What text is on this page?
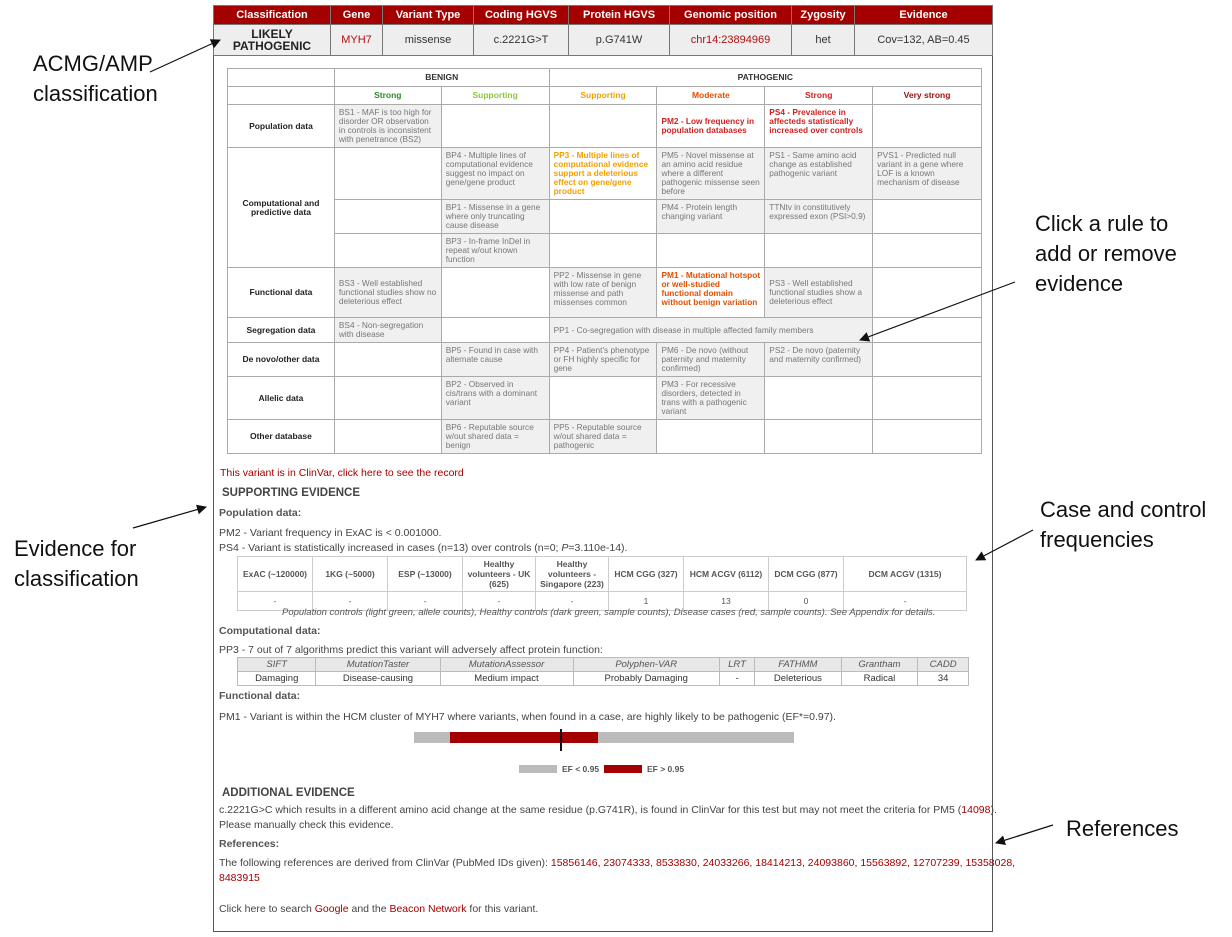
Classification	Gene	Variant Type	Coding HGVS	Protein HGVS	Genomic position	Zygosity	Evidence

LIKELY
PATHOGENIC	MYH7	missense	c.2221G>T	p.G741W	chr14:23894969	het	Cov=132, AB=0.45
	BENIGN		PATHOGENIC			
	Strong	Supporting	Supporting	Moderate	Strong	Very strong
Population data	BS1 - MAF is too high for disorder OR observation in controls is inconsistent with penetrance (BS2)			PM2 - Low frequency in population databases	PS4 - Prevalence in affecteds statistically increased over controls	
Computational and predictive data		BP4 - Multiple lines of computational evidence suggest no impact on gene/gene product	PP3 - Multiple lines of computational evidence support a deleterious effect on gene/gene product	PM5 - Novel missense at an amino acid residue where a different pathogenic missense seen before	PS1 - Same amino acid change as established pathogenic variant	PVS1 - Predicted null variant in a gene where LOF is a known mechanism of disease
		BP1 - Missense in a gene where only truncating cause disease		PM4 - Protein length changing variant	TTNtv in constitutively expressed exon (PSI>0.9)	
		BP3 - In-frame InDel in repeat w/out known function				
Functional data	BS3 - Well established functional studies show no deleterious effect		PP2 - Missense in gene with low rate of benign missense and path missenses common	PM1 - Mutational hotspot or well-studied functional domain without benign variation	PS3 - Well established functional studies show a deleterious effect	
Segregation data	BS4 - Non-segregation with disease		PP1 - Co-segregation with disease in multiple affected family members			
De novo/other data		BP5 - Found in case with alternate cause	PP4 - Patient's phenotype or FH highly specific for gene	PM6 - De novo (without paternity and maternity confirmed)	PS2 - De novo (paternity and maternity confirmed)	
Allelic data		BP2 - Observed in cis/trans with a dominant variant		PM3 - For recessive disorders, detected in trans with a pathogenic variant		
Other database		BP6 - Reputable source w/out shared data = benign	PP5 - Reputable source w/out shared data = pathogenic			
This variant is in ClinVar, click here to see the record
SUPPORTING EVIDENCE
Population data:
PM2 - Variant frequency in ExAC is < 0.001000.
PS4 - Variant is statistically increased in cases (n=13) over controls (n=0; P=3.110e-14).
ExAC (~120000)	1KG (~5000)	ESP (~13000)	Healthy volunteers - UK (625)	Healthy volunteers - Singapore (223)	HCM CGG (327)	HCM ACGV (6112)	DCM CGG (877)	DCM ACGV (1315)
-	-	-	-	-	1	13	0	-
Population controls (light green, allele counts), Healthy controls (dark green, sample counts), Disease cases (red, sample counts). See Appendix for details.
Computational data:
PP3 - 7 out of 7 algorithms predict this variant will adversely affect protein function:
SIFT	MutationTaster	MutationAssessor	Polyphen-VAR	LRT	FATHMM	Grantham	CADD
Damaging	Disease-causing	Medium impact	Probably Damaging	-	Deleterious	Radical	34
Functional data:
PM1 - Variant is within the HCM cluster of MYH7 where variants, when found in a case, are highly likely to be pathogenic (EF*=0.97).
EF < 0.95	EF > 0.95
ADDITIONAL EVIDENCE
c.2221G>C which results in a different amino acid change at the same residue (p.G741R), is found in ClinVar for this test but may not meet the criteria for PM5 (14098).
Please manually check this evidence.
References:
The following references are derived from ClinVar (PubMed IDs given): 15856146, 23074333, 8533830, 24033266, 18414213, 24093860, 15563892, 12707239, 15358028,
8483915
Click here to search Google and the Beacon Network for this variant.
ACMG/AMP
classification
Click a rule to
add or remove
evidence
Evidence for
classification
Case and control
frequencies
References
